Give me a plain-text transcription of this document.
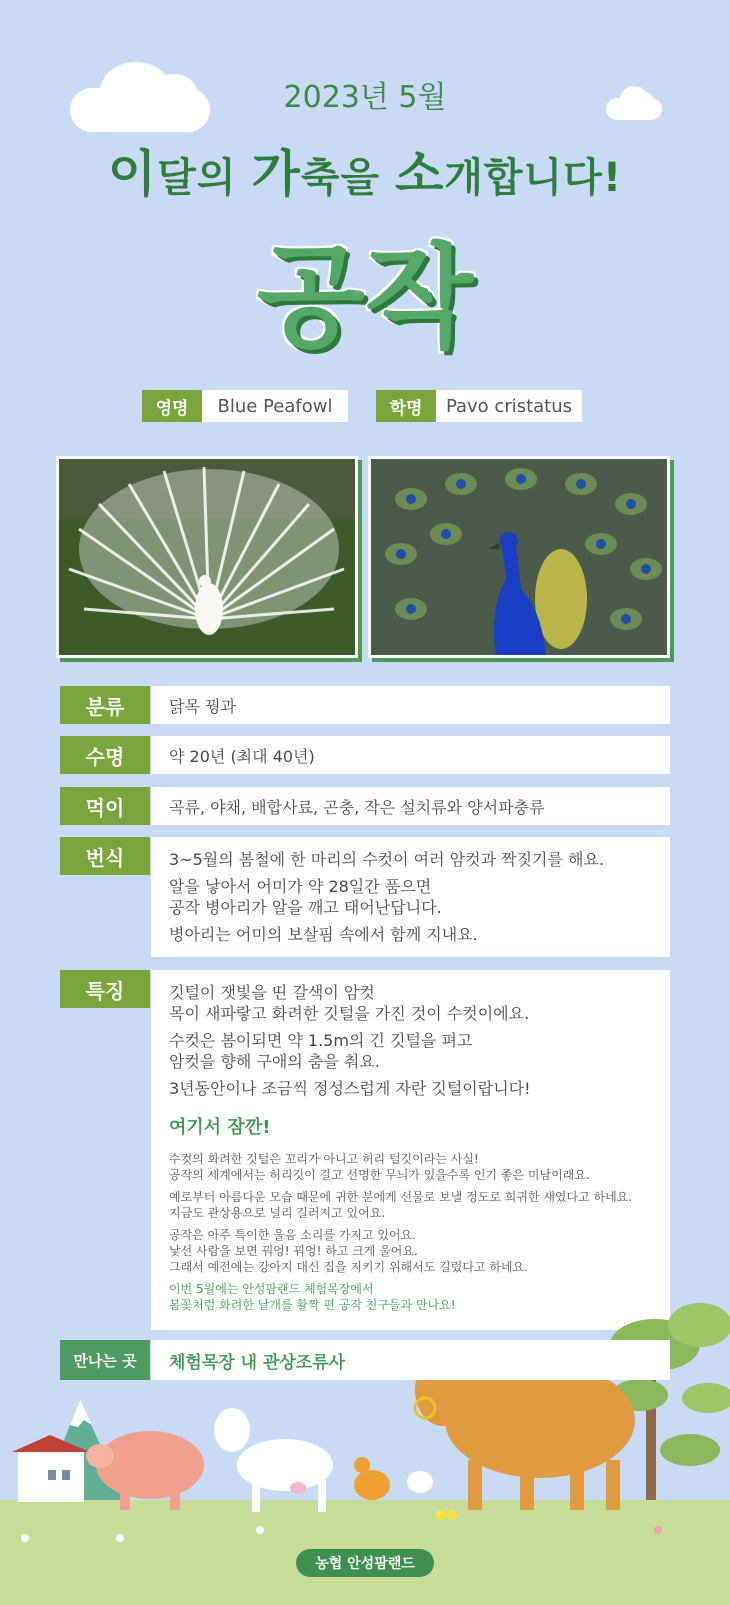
2023년 5월
이달의 가축을 소개합니다!
공작
영명	Blue Peafowl	학명	Pavo cristatus
분류	닭목 꿩과
수명	약 20년 (최대 40년)
먹이	곡류, 야채, 배합사료, 곤충, 작은 설치류와 양서파충류
번식	3~5월의 봄철에 한 마리의 수컷이 여러 암컷과 짝짓기를 해요.
알을 낳아서 어미가 약 28일간 품으면
공작 병아리가 알을 깨고 태어난답니다.
병아리는 어미의 보살핌 속에서 함께 지내요.
특징	깃털이 잿빛을 띤 갈색이 암컷
목이 새파랗고 화려한 깃털을 가진 것이 수컷이에요.
수컷은 봄이되면 약 1.5m의 긴 깃털을 펴고
암컷을 향해 구애의 춤을 춰요.
3년동안이나 조금씩 정성스럽게 자란 깃털이랍니다!
여기서 잠깐!
수컷의 화려한 깃털은 꼬리가 아니고 허리 털깃이라는 사실!
공작의 세계에서는 허리깃이 길고 선명한 무늬가 있을수록 인기 좋은 미남이래요.
예로부터 아름다운 모습 때문에 귀한 분에게 선물로 보낼 정도로 희귀한 새였다고 하네요.
지금도 관상용으로 널리 길러지고 있어요.
공작은 아주 특이한 울음 소리를 가지고 있어요.
낯선 사람을 보면 꿔엉! 꿔엉! 하고 크게 울어요.
그래서 예전에는 강아지 대신 집을 지키기 위해서도 길렀다고 하네요.
이번 5월에는 안성팜랜드 체험목장에서
봄꽃처럼 화려한 날개를 활짝 편 공작 친구들과 만나요!
만나는 곳	체험목장 내 관상조류사
농협 안성팜랜드
